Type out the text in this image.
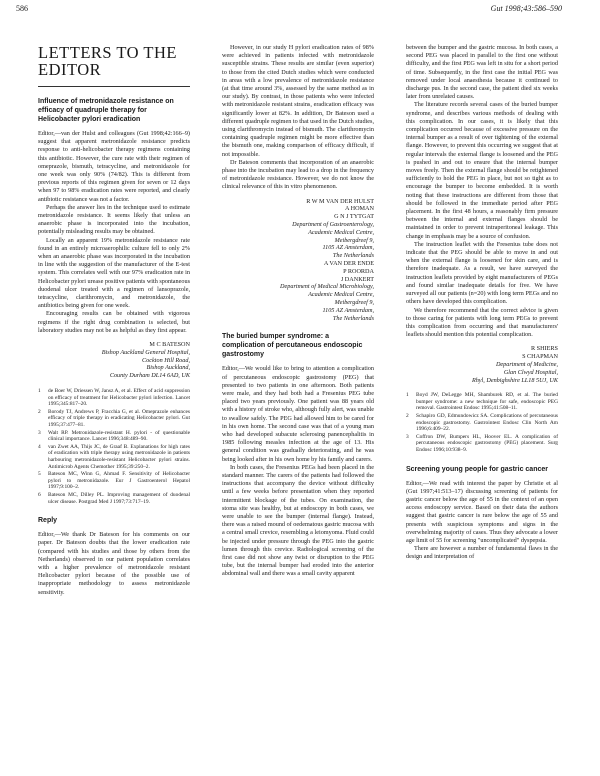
586	Gut 1998;43:586–590
LETTERS TO THE EDITOR
Influence of metronidazole resistance on efficacy of quadruple therapy for Helicobacter pylori eradication

Editor,—van der Hulst and colleagues (Gut 1998;42:166–9) suggest that apparent metronidazole resistance predicts response to anti-helicobacter therapy regimens containing this antibiotic. However, the cure rate with their regimen of omeprazole, bismuth, tetracycline, and metronidazole for one week was only 90% (74/82). This is different from previous reports of this regimen given for seven or 12 days when 97 to 98% eradication rates were reported, and clearly antibiotic resistance was not a factor.

Perhaps the answer lies in the technique used to estimate metronidazole resistance. It seems likely that unless an anaerobic phase is incorporated into the incubation, potentially misleading results may be obtained.

Locally an apparent 19% metronidazole resistance rate found in an entirely microaerophilic culture fell to only 2% when an anaerobic phase was incorporated in the incubation in line with the suggestion of the manufacturer of the E-test system. This correlates well with our 97% eradication rate in Helicobacter pylori urease positive patients with spontaneous duodenal ulcer treated with a regimen of lansoprazole, tetracycline, clarithromycin, and metronidazole, the antibiotics being given for one week.

Encouraging results can be obtained with vigorous regimens if the right drug combination is selected, but laboratory studies may not be as helpful as they first appear.

M C BATESON
Bishop Auckland General Hospital,
Cockton Hill Road,
Bishop Auckland,
County Durham DL14 6AD, UK
1 de Boer W, Driessen W, Jansz A, et al. Effect of acid suppression on efficacy of treatment for Helicobacter pylori infection. Lancet 1995;345:817–20.
2 Borody TJ, Andrews P, Fracchia G, et al. Omeprazole enhances efficacy of triple therapy in eradicating Helicobacter pylori. Gut 1995;37:477–81.
3 Walt RP. Metronidazole-resistant H. pylori - of questionable clinical importance. Lancet 1996;348:489–90.
4 van Zwet AA, Thijs JC, de Graaf B. Explanations for high rates of eradication with triple therapy using metronidazole in patients harbouring metronidazole-resistant Helicobacter pylori strains. Antimicrob Agents Chemother 1995;39:250–2.
5 Bateson MC, Winn G, Ahmad F. Sensitivity of Helicobacter pylori to metronidazole. Eur J Gastroenterol Hepatol 1997;9:100–2.
6 Bateson MC, Dilley PL. Improving management of duodenal ulcer disease. Postgrad Med J 1997;73:717–19.
Reply

Editor,—We thank Dr Bateson for his comments on our paper. Dr Bateson doubts that the lower eradication rate (compared with his studies and those by others from the Netherlands) observed in our patient population correlates with a higher prevalence of metronidazole resistant Helicobacter pylori because of the possible use of inappropriate methodology to assess metronidazole sensitivity.

However, in our study H pylori eradication rates of 98% were achieved in patients infected with metronidazole susceptible strains. These results are similar (even superior) to those from the cited Dutch studies which were conducted in areas with a low prevalence of metronidazole resistance (at that time around 3%, assessed by the same method as in our study). By contrast, in those patients who were infected with metronidazole resistant strains, eradication efficacy was significantly lower at 82%. In addition, Dr Bateson used a different quadruple regimen to that used in the Dutch studies, using clarithromycin instead of bismuth. The clarithromycin containing quadruple regimen might be more effective than the bismuth one, making comparison of efficacy difficult, if not impossible.

Dr Bateson comments that incorporation of an anaerobic phase into the incubation may lead to a drop in the frequency of metronidazole resistance. However, we do not know the clinical relevance of this in vitro phenomenon.

R W M VAN DER HULST
A HOMAN
G N J TYTGAT
Department of Gastroenterology,
Academic Medical Centre,
Meibergdreef 9,
1105 AZ Amsterdam,
The Netherlands
A VAN DER ENDE
P ROORDA
J DANKERT
Department of Medical Microbiology,
Academic Medical Centre,
Meibergdreef 9,
1105 AZ Amsterdam,
The Netherlands
The buried bumper syndrome: a complication of percutaneous endoscopic gastrostomy

Editor,—We would like to bring to attention a complication of percutaneous endoscopic gastrostomy (PEG) that presented to two patients in one afternoon. Both patients were male, and they had both had a Fresenius PEG tube placed two years previously. One patient was 88 years old with a history of stroke who, although fully alert, was unable to swallow safely. The PEG had allowed him to be cared for in his own home. The second case was that of a young man who had developed subacute sclerosing panencephalitis in 1985 following measles infection at the age of 13. His general condition was gradually deteriorating, and he was being looked after in his own home by his family and carers.

In both cases, the Fresenius PEGs had been placed in the standard manner. The carers of the patients had followed the instructions that accompany the device without difficulty until a few weeks before presentation when they reported intermittent blockage of the tubes. On examination, the stoma site was healthy, but at endoscopy in both cases, we were unable to see the bumper (internal flange). Instead, there was a raised mound of oedematous gastric mucosa with a central small crevice, resembling a leiomyoma. Fluid could be injected under pressure through the PEG into the gastric lumen through this crevice. Radiological screening of the first case did not show any twist or disruption to the PEG tube, but the internal bumper had eroded into the anterior abdominal wall and there was a small cavity apparent

between the bumper and the gastric mucosa. In both cases, a second PEG was placed in parallel to the first one without difficulty, and the first PEG was left in situ for a short period of time. Subsequently, in the first case the initial PEG was removed under local anaesthesia because it continued to discharge pus. In the second case, the patient died six weeks later from unrelated causes.

The literature records several cases of the buried bumper syndrome, and describes various methods of dealing with this complication. In our cases, it is likely that this complication occurred because of excessive pressure on the internal bumper as a result of over tightening of the external flange. However, to prevent this occurring we suggest that at regular intervals the external flange is loosened and the PEG is pushed in and out to ensure that the internal bumper moves freely. Then the external flange should be retightened sufficiently to hold the PEG in place, but not so tight as to encourage the bumper to become embedded. It is worth noting that these instructions are different from those that should be followed in the immediate period after PEG placement. In the first 48 hours, a reasonably firm pressure between the internal and external flanges should be maintained in order to prevent intraperitoneal leakage. This change in emphasis may be a source of confusion.

The instruction leaflet with the Fresenius tube does not indicate that the PEG should be able to move in and out when the external flange is loosened for skin care, and is therefore inadequate. As a result, we have surveyed the instruction leaflets provided by eight manufacturers of PEGs and found similar inadequate details for five. We have surveyed all our patients (n=20) with long term PEGs and no others have developed this complication.

We therefore recommend that the correct advice is given to those caring for patients with long term PEGs to prevent this complication from occurring and that manufacturers' leaflets should mention this potential complication.

R SHIERS
S CHAPMAN
Department of Medicine,
Glan Clwyd Hospital,
Rhyl, Denbighshire LL18 5UJ, UK
1 Boyd JW, DeLegge MH, Shamburek RD, et al. The buried bumper syndrome: a new technique for safe, endoscopic PEG removal. Gastrointest Endosc 1995;41:508–11.
2 Schapiro GD, Edmundowicz SA. Complications of percutaneous endoscopic gastrostomy. Gastrointest Endosc Clin North Am 1996;6:409–22.
3 Coffron DW, Bumpers HL, Hoover EL. A complication of percutaneous endoscopic gastrostomy (PEG) placement. Surg Endosc 1996;10:938–9.
Screening young people for gastric cancer

Editor,—We read with interest the paper by Christie et al (Gut 1997;41:513–17) discussing screening of patients for gastric cancer below the age of 55 in the context of an open access endoscopy service. Based on their data the authors suggest that gastric cancer is rare below the age of 55 and presents with suspicious symptoms and signs in the overwhelming majority of cases. Thus they advocate a lower age limit of 55 for screening "uncomplicated" dyspepsia.

There are however a number of fundamental flaws in the design and interpretation of
